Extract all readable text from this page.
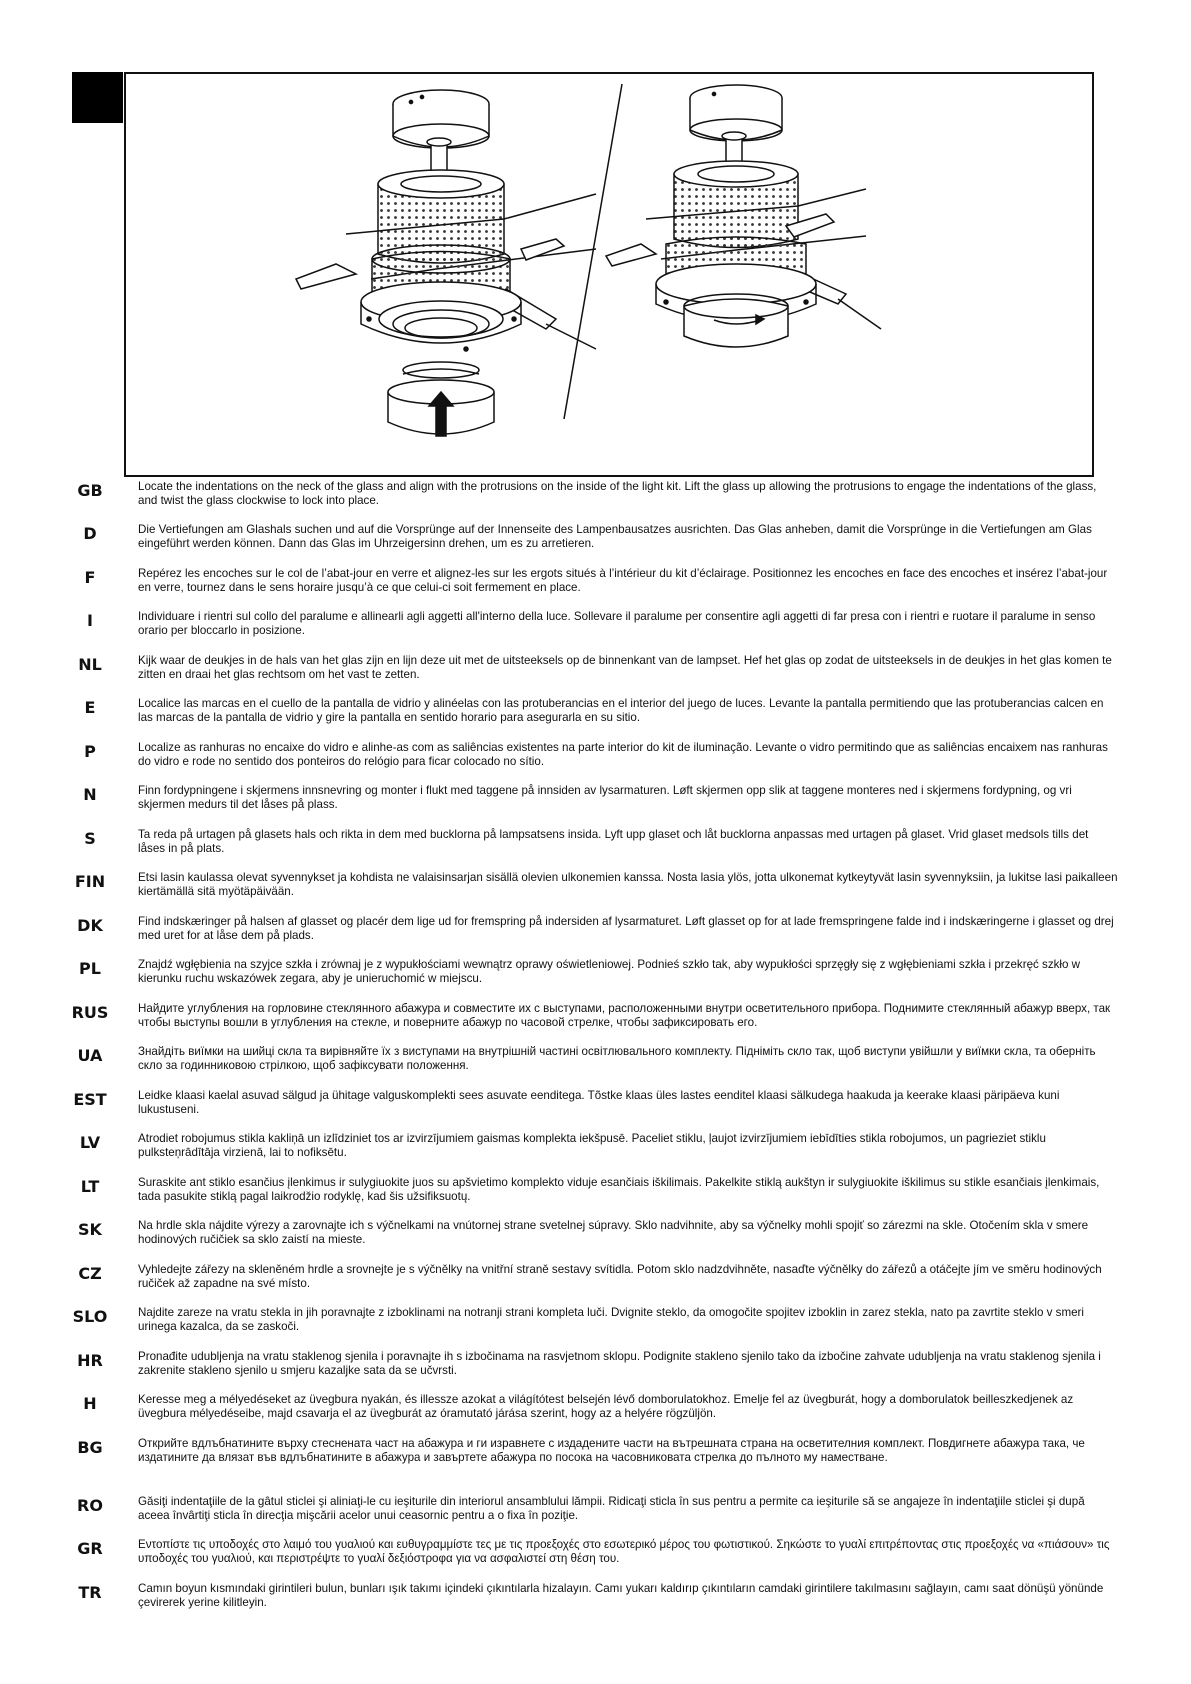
GB	Locate the indentations on the neck of the glass and align with the protrusions on the inside of the light kit. Lift the glass up allowing the protrusions to engage the indentations of the glass, and twist the glass clockwise to lock into place.
D	Die Vertiefungen am Glashals suchen und auf die Vorsprünge auf der Innenseite des Lampenbausatzes ausrichten. Das Glas anheben, damit die Vorsprünge in die Vertiefungen am Glas eingeführt werden können. Dann das Glas im Uhrzeigersinn drehen, um es zu arretieren.
F	Repérez les encoches sur le col de l’abat-jour en verre et alignez-les sur les ergots situés à l’intérieur du kit d’éclairage. Positionnez les encoches en face des encoches et insérez l’abat-jour en verre, tournez dans le sens horaire jusqu’à ce que celui-ci soit fermement en place.
I	Individuare i rientri sul collo del paralume e allinearli agli aggetti all'interno della luce. Sollevare il paralume per consentire agli aggetti di far presa con i rientri e ruotare il paralume in senso orario per bloccarlo in posizione.
NL	Kijk waar de deukjes in de hals van het glas zijn en lijn deze uit met de uitsteeksels op de binnenkant van de lampset. Hef het glas op zodat de uitsteeksels in de deukjes in het glas komen te zitten en draai het glas rechtsom om het vast te zetten.
E	Localice las marcas en el cuello de la pantalla de vidrio y alinéelas con las protuberancias en el interior del juego de luces. Levante la pantalla permitiendo que las protuberancias calcen en las marcas de la pantalla de vidrio y gire la pantalla en sentido horario para asegurarla en su sitio.
P	Localize as ranhuras no encaixe do vidro e alinhe-as com as saliências existentes na parte interior do kit de iluminação. Levante o vidro permitindo que as saliências encaixem nas ranhuras do vidro e rode no sentido dos ponteiros do relógio para ficar colocado no sítio.
N	Finn fordypningene i skjermens innsnevring og monter i flukt med taggene på innsiden av lysarmaturen. Løft skjermen opp slik at taggene monteres ned i skjermens fordypning, og vri skjermen medurs til det låses på plass.
S	Ta reda på urtagen på glasets hals och rikta in dem med bucklorna på lampsatsens insida. Lyft upp glaset och låt bucklorna anpassas med urtagen på glaset. Vrid glaset medsols tills det låses in på plats.
FIN	Etsi lasin kaulassa olevat syvennykset ja kohdista ne valaisinsarjan sisällä olevien ulkonemien kanssa. Nosta lasia ylös, jotta ulkonemat kytkeytyvät lasin syvennyksiin, ja lukitse lasi paikalleen kiertämällä sitä myötäpäivään.
DK	Find indskæringer på halsen af glasset og placér dem lige ud for fremspring på indersiden af lysarmaturet. Løft glasset op for at lade fremspringene falde ind i indskæringerne i glasset og drej med uret for at låse dem på plads.
PL	Znajdź wgłębienia na szyjce szkła i zrównaj je z wypukłościami wewnątrz oprawy oświetleniowej. Podnieś szkło tak, aby wypukłości sprzęgły się z wgłębieniami szkła i przekręć szkło w kierunku ruchu wskazówek zegara, aby je unieruchomić w miejscu.
RUS	Найдите углубления на горловине стеклянного абажура и совместите их с выступами, расположенными внутри осветительного прибора. Поднимите стеклянный абажур вверх, так чтобы выступы вошли в углубления на стекле, и поверните абажур по часовой стрелке, чтобы зафиксировать его.
UA	Знайдіть виїмки на шийці скла та вирівняйте їх з виступами на внутрішній частині освітлювального комплекту. Підніміть скло так, щоб виступи увійшли у виїмки скла, та оберніть скло за годинниковою стрілкою, щоб зафіксувати положення.
EST	Leidke klaasi kaelal asuvad sälgud ja ühitage valguskomplekti sees asuvate eenditega. Tõstke klaas üles lastes eenditel klaasi sälkudega haakuda ja keerake klaasi päripäeva kuni lukustuseni.
LV	Atrodiet robojumus stikla kakliņā un izlīdziniet tos ar izvirzījumiem gaismas komplekta iekšpusē. Paceliet stiklu, ļaujot izvirzījumiem iebīdīties stikla robojumos, un pagrieziet stiklu pulksteņrādītāja virzienā, lai to nofiksētu.
LT	Suraskite ant stiklo esančius įlenkimus ir sulygiuokite juos su apšvietimo komplekto viduje esančiais iškilimais. Pakelkite stiklą aukštyn ir sulygiuokite iškilimus su stikle esančiais įlenkimais, tada pasukite stiklą pagal laikrodžio rodyklę, kad šis užsifiksuotų.
SK	Na hrdle skla nájdite výrezy a zarovnajte ich s výčnelkami na vnútornej strane svetelnej súpravy. Sklo nadvihnite, aby sa výčnelky mohli spojiť so zárezmi na skle. Otočením skla v smere hodinových ručičiek sa sklo zaistí na mieste.
CZ	Vyhledejte zářezy na skleněném hrdle a srovnejte je s výčnělky na vnitřní straně sestavy svítidla. Potom sklo nadzdvihněte, nasaďte výčnělky do zářezů a otáčejte jím ve směru hodinových ručiček až zapadne na své místo.
SLO	Najdite zareze na vratu stekla in jih poravnajte z izboklinami na notranji strani kompleta luči. Dvignite steklo, da omogočite spojitev izboklin in zarez stekla, nato pa zavrtite steklo v smeri urinega kazalca, da se zaskoči.
HR	Pronađite udubljenja na vratu staklenog sjenila i poravnajte ih s izbočinama na rasvjetnom sklopu. Podignite stakleno sjenilo tako da izbočine zahvate udubljenja na vratu staklenog sjenila i zakrenite stakleno sjenilo u smjeru kazaljke sata da se učvrsti.
H	Keresse meg a mélyedéseket az üvegbura nyakán, és illessze azokat a világítótest belsején lévő domborulatokhoz. Emelje fel az üvegburát, hogy a domborulatok beilleszkedjenek az üvegbura mélyedéseibe, majd csavarja el az üvegburát az óramutató járása szerint, hogy az a helyére rögzüljön.
BG	Открийте вдлъбнатините върху стеснената част на абажура и ги изравнете с издадените части на вътрешната страна на осветителния комплект. Повдигнете абажура така, че издатините да влязат във вдлъбнатините в абажура и завъртете абажура по посока на часовниковата стрелка до пълното му наместване.
RO	Găsiţi indentaţiile de la gâtul sticlei şi aliniaţi-le cu ieşiturile din interiorul ansamblului lămpii. Ridicaţi sticla în sus pentru a permite ca ieşiturile să se angajeze în indentaţiile sticlei şi după aceea învârtiţi sticla în direcţia mişcării acelor unui ceasornic pentru a o fixa în poziţie.
GR	Εντοπίστε τις υποδοχές στο λαιμό του γυαλιού και ευθυγραμμίστε τες με τις προεξοχές στο εσωτερικό μέρος του φωτιστικού. Σηκώστε το γυαλί επιτρέποντας στις προεξοχές να «πιάσουν» τις υποδοχές του γυαλιού, και περιστρέψτε το γυαλί δεξιόστροφα για να ασφαλιστεί στη θέση του.
TR	Camın boyun kısmındaki girintileri bulun, bunları ışık takımı içindeki çıkıntılarla hizalayın. Camı yukarı kaldırıp çıkıntıların camdaki girintilere takılmasını sağlayın, camı saat dönüşü yönünde çevirerek yerine kilitleyin.
